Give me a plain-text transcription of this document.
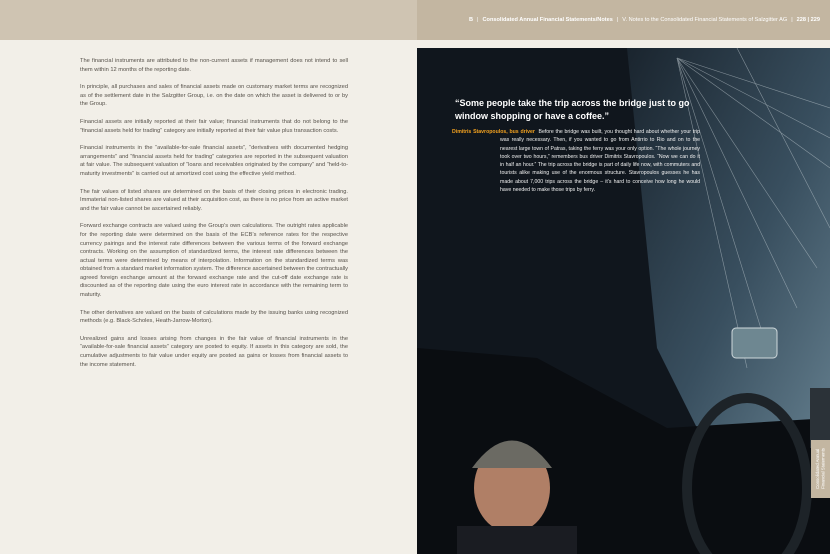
B | Consolidated Annual Financial Statements/Notes | V. Notes to the Consolidated Financial Statements of Salzgitter AG | 228 | 229

The financial instruments are attributed to the non-current assets if management does not intend to sell them within 12 months of the reporting date.

In principle, all purchases and sales of financial assets made on customary market terms are recognized as of the settlement date in the Salzgitter Group, i.e. on the date on which the asset is delivered to or by the Group.

Financial assets are initially reported at their fair value; financial instruments that do not belong to the “financial assets held for trading” category are initially reported at their fair value plus transaction costs.

Financial instruments in the “available-for-sale financial assets”, “derivatives with documented hedging arrangements” and “financial assets held for trading” categories are reported in the subsequent valuation at fair value. The subsequent valuation of “loans and receivables originated by the company” and “held-to-maturity investments” is carried out at amortized cost using the effective yield method.

The fair values of listed shares are determined on the basis of their closing prices in electronic trading. Immaterial non-listed shares are valued at their acquisition cost, as there is no price from an active market and the fair value cannot be ascertained reliably.

Forward exchange contracts are valued using the Group’s own calculations. The outright rates applicable for the reporting date were determined on the basis of the ECB’s reference rates for the respective currency pairings and the interest rate differences between the various terms of the forward exchange contracts. Working on the assumption of standardized terms, the interest rate differences between the actual terms were determined by means of interpolation. Information on the standardized terms was obtained from a standard market information system. The difference ascertained between the contractually agreed foreign exchange amount at the forward exchange rate and the cut-off date exchange rate is discounted as of the reporting date using the euro interest rate in accordance with the remaining term to maturity.

The other derivatives are valued on the basis of calculations made by the issuing banks using recognized methods (e.g. Black-Scholes, Heath-Jarrow-Morton).

Unrealized gains and losses arising from changes in the fair value of financial instruments in the “available-for-sale financial assets” category are posted to equity. If assets in this category are sold, the cumulative adjustments to fair value under equity are posted as gains or losses from financial assets to the income statement.

“Some people take the trip across the bridge just to go window shopping or have a coffee.”
Dimitris Stavropoulos, bus driver Before the bridge was built, you thought hard about whether your trip was really necessary. Then, if you wanted to go from Antirrio to Rio and on to the nearest large town of Patras, taking the ferry was your only option. “The whole journey took over two hours,” remembers bus driver Dimitris Stavropoulos. “Now we can do it in half an hour.” The trip across the bridge is part of daily life now, with commuters and tourists alike making use of the enormous structure. Stavropoulos guesses he has made about 7,000 trips across the bridge – it’s hard to conceive how long he would have needed to make those trips by ferry.
Consolidated Annual Financial Statements
